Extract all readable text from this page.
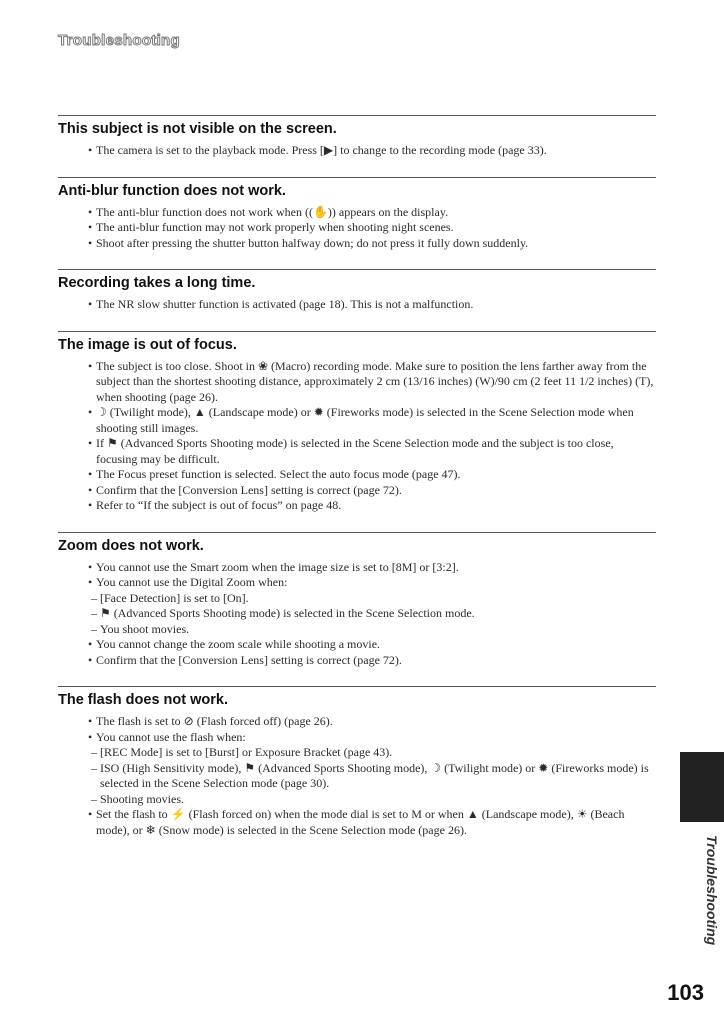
Troubleshooting
This subject is not visible on the screen.
• The camera is set to the playback mode. Press [▶] to change to the recording mode (page 33).
Anti-blur function does not work.
• The anti-blur function does not work when ((✋)) appears on the display.
• The anti-blur function may not work properly when shooting night scenes.
• Shoot after pressing the shutter button halfway down; do not press it fully down suddenly.
Recording takes a long time.
• The NR slow shutter function is activated (page 18). This is not a malfunction.
The image is out of focus.
• The subject is too close. Shoot in ❀ (Macro) recording mode. Make sure to position the lens farther away from the subject than the shortest shooting distance, approximately 2 cm (13/16 inches) (W)/90 cm (2 feet 11 1/2 inches) (T), when shooting (page 26).
• ☽ (Twilight mode), ▲ (Landscape mode) or ✹ (Fireworks mode) is selected in the Scene Selection mode when shooting still images.
• If ⚑ (Advanced Sports Shooting mode) is selected in the Scene Selection mode and the subject is too close, focusing may be difficult.
• The Focus preset function is selected. Select the auto focus mode (page 47).
• Confirm that the [Conversion Lens] setting is correct (page 72).
• Refer to “If the subject is out of focus” on page 48.
Zoom does not work.
• You cannot use the Smart zoom when the image size is set to [8M] or [3:2].
• You cannot use the Digital Zoom when:
– [Face Detection] is set to [On].
– ⚑ (Advanced Sports Shooting mode) is selected in the Scene Selection mode.
– You shoot movies.
• You cannot change the zoom scale while shooting a movie.
• Confirm that the [Conversion Lens] setting is correct (page 72).
The flash does not work.
• The flash is set to ⊘ (Flash forced off) (page 26).
• You cannot use the flash when:
– [REC Mode] is set to [Burst] or Exposure Bracket (page 43).
– ISO (High Sensitivity mode), ⚑ (Advanced Sports Shooting mode), ☽ (Twilight mode) or ✹ (Fireworks mode) is selected in the Scene Selection mode (page 30).
– Shooting movies.
• Set the flash to ⚡ (Flash forced on) when the mode dial is set to M or when ▲ (Landscape mode), ☀ (Beach mode), or ❄ (Snow mode) is selected in the Scene Selection mode (page 26).
Troubleshooting
103
